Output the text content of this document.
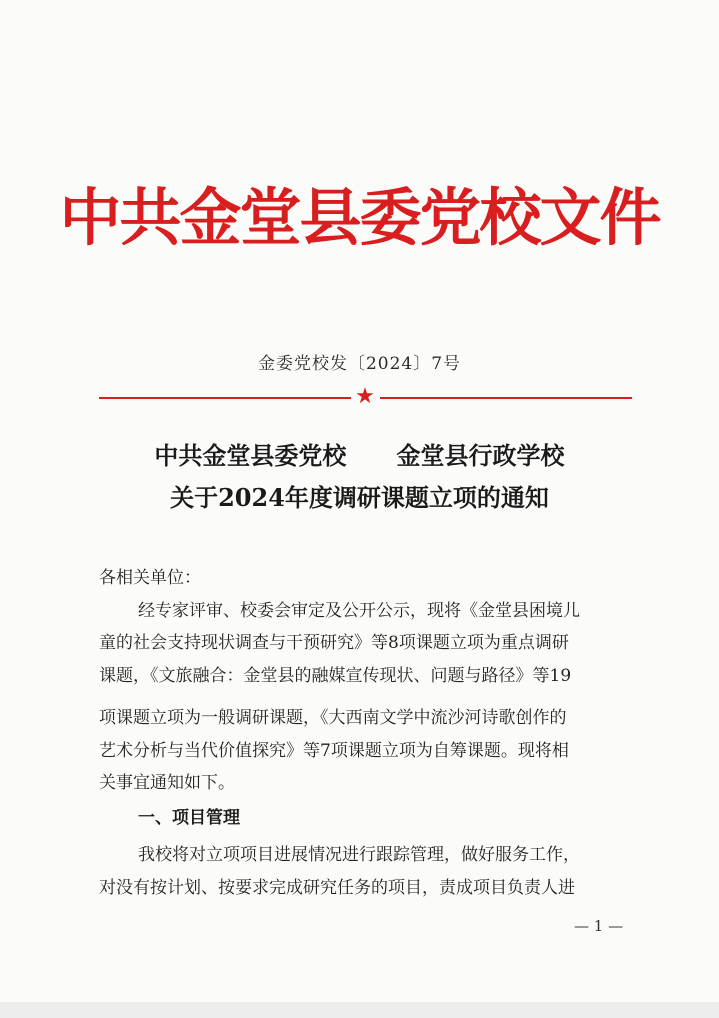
中共金堂县委党校文件
金委党校发〔2024〕7号
★
中共金堂县委党校      金堂县行政学校
关于2024年度调研课题立项的通知
各相关单位：
经专家评审、校委会审定及公开公示，现将《金堂县困境儿
童的社会支持现状调查与干预研究》等8项课题立项为重点调研
课题，《文旅融合：金堂县的融媒宣传现状、问题与路径》等19
项课题立项为一般调研课题，《大西南文学中流沙河诗歌创作的
艺术分析与当代价值探究》等7项课题立项为自筹课题。现将相
关事宜通知如下。
一、项目管理
我校将对立项项目进展情况进行跟踪管理，做好服务工作，
对没有按计划、按要求完成研究任务的项目，责成项目负责人进
— 1 —
